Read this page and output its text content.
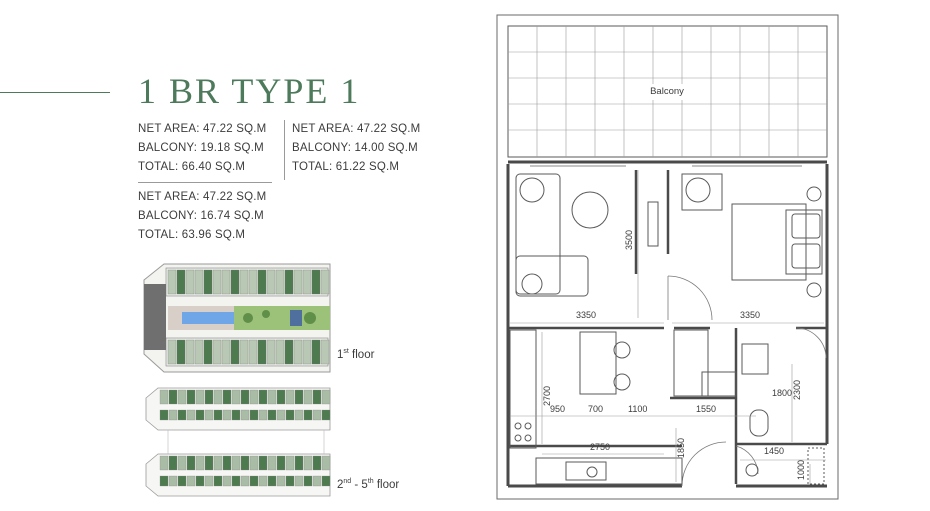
1 BR TYPE 1
NET AREA: 47.22 SQ.M
BALCONY: 19.18 SQ.M
TOTAL: 66.40 SQ.M
NET AREA: 47.22 SQ.M
BALCONY: 14.00 SQ.M
TOTAL: 61.22 SQ.M
NET AREA: 47.22 SQ.M
BALCONY: 16.74 SQ.M
TOTAL: 63.96 SQ.M
1st floor
2nd - 5th floor
Balcony
3500
3350	3350
2700
950	700	1100	1550
1800 2300
2750	1850	1450
1000
